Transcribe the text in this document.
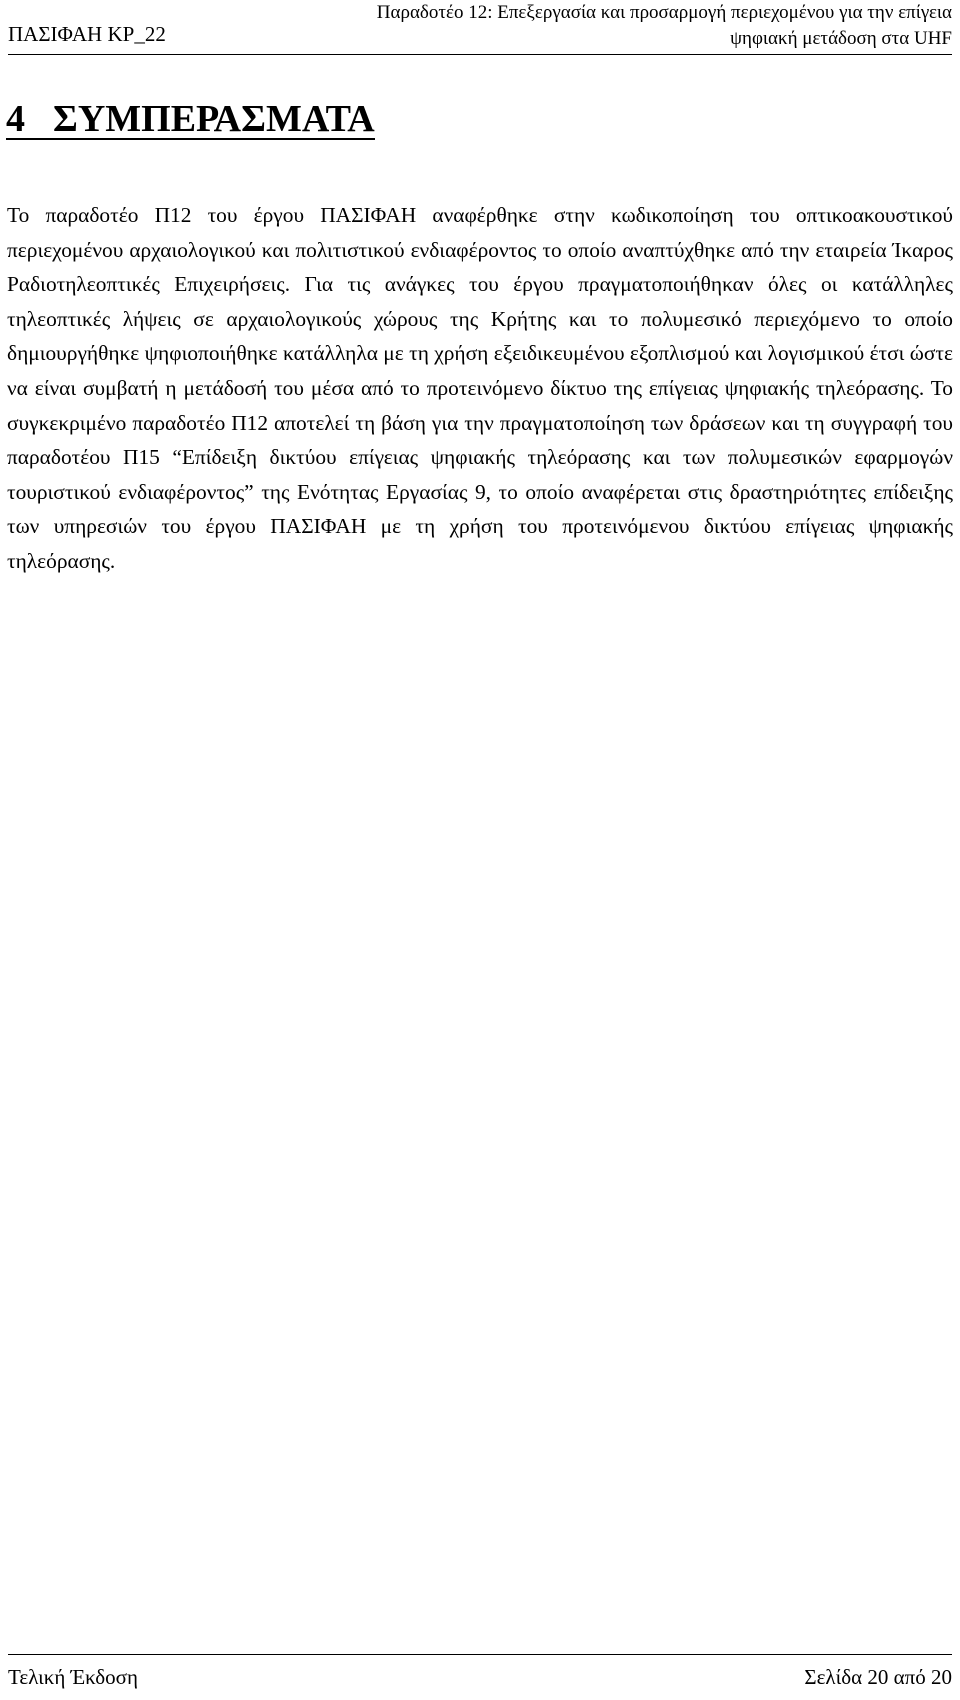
ΠΑΣΙΦΑΗ ΚΡ_22
Παραδοτέο 12: Επεξεργασία και προσαρμογή περιεχομένου για την επίγεια
ψηφιακή μετάδοση στα UHF
4 ΣΥΜΠΕΡΑΣΜΑΤΑ

Το παραδοτέο Π12 του έργου ΠΑΣΙΦΑΗ αναφέρθηκε στην κωδικοποίηση του οπτικοακουστικού περιεχομένου αρχαιολογικού και πολιτιστικού ενδιαφέροντος το οποίο αναπτύχθηκε από την εταιρεία Ίκαρος Ραδιοτηλεοπτικές Επιχειρήσεις. Για τις ανάγκες του έργου πραγματοποιήθηκαν όλες οι κατάλληλες τηλεοπτικές λήψεις σε αρχαιολογικούς χώρους της Κρήτης και το πολυμεσικό περιεχόμενο το οποίο δημιουργήθηκε ψηφιοποιήθηκε κατάλληλα με τη χρήση εξειδικευμένου εξοπλισμού και λογισμικού έτσι ώστε να είναι συμβατή η μετάδοσή του μέσα από το προτεινόμενο δίκτυο της επίγειας ψηφιακής τηλεόρασης. Το συγκεκριμένο παραδοτέο Π12 αποτελεί τη βάση για την πραγματοποίηση των δράσεων και τη συγγραφή του παραδοτέου Π15 “Επίδειξη δικτύου επίγειας ψηφιακής τηλεόρασης και των πολυμεσικών εφαρμογών τουριστικού ενδιαφέροντος” της Ενότητας Εργασίας 9, το οποίο αναφέρεται στις δραστηριότητες επίδειξης των υπηρεσιών του έργου ΠΑΣΙΦΑΗ με τη χρήση του προτεινόμενου δικτύου επίγειας ψηφιακής τηλεόρασης.

Τελική Έκδοση	Σελίδα 20 από 20
